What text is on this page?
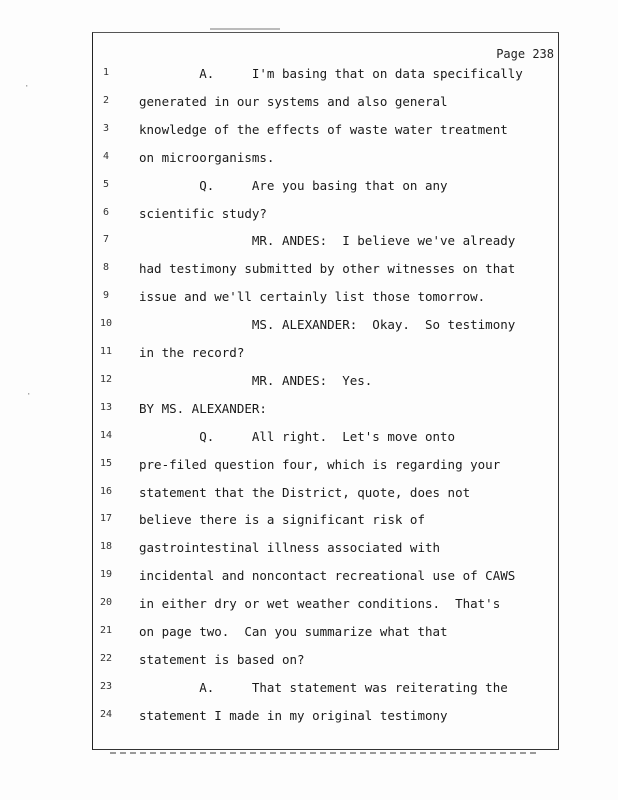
Page 238
1	A.     I'm basing that on data specifically
2	generated in our systems and also general
3	knowledge of the effects of waste water treatment
4	on microorganisms.
5	Q.     Are you basing that on any
6	scientific study?
7	MR. ANDES:  I believe we've already
8	had testimony submitted by other witnesses on that
9	issue and we'll certainly list those tomorrow.
10 MS. ALEXANDER:  Okay.  So testimony
11 in the record?
12 MR. ANDES:  Yes.
13 BY MS. ALEXANDER:
14 Q.     All right.  Let's move onto
15 pre-filed question four, which is regarding your
16 statement that the District, quote, does not
17 believe there is a significant risk of
18 gastrointestinal illness associated with
19 incidental and noncontact recreational use of CAWS
20 in either dry or wet weather conditions.  That's
21 on page two.  Can you summarize what that
22 statement is based on?
23 A.     That statement was reiterating the
24 statement I made in my original testimony
·
·
